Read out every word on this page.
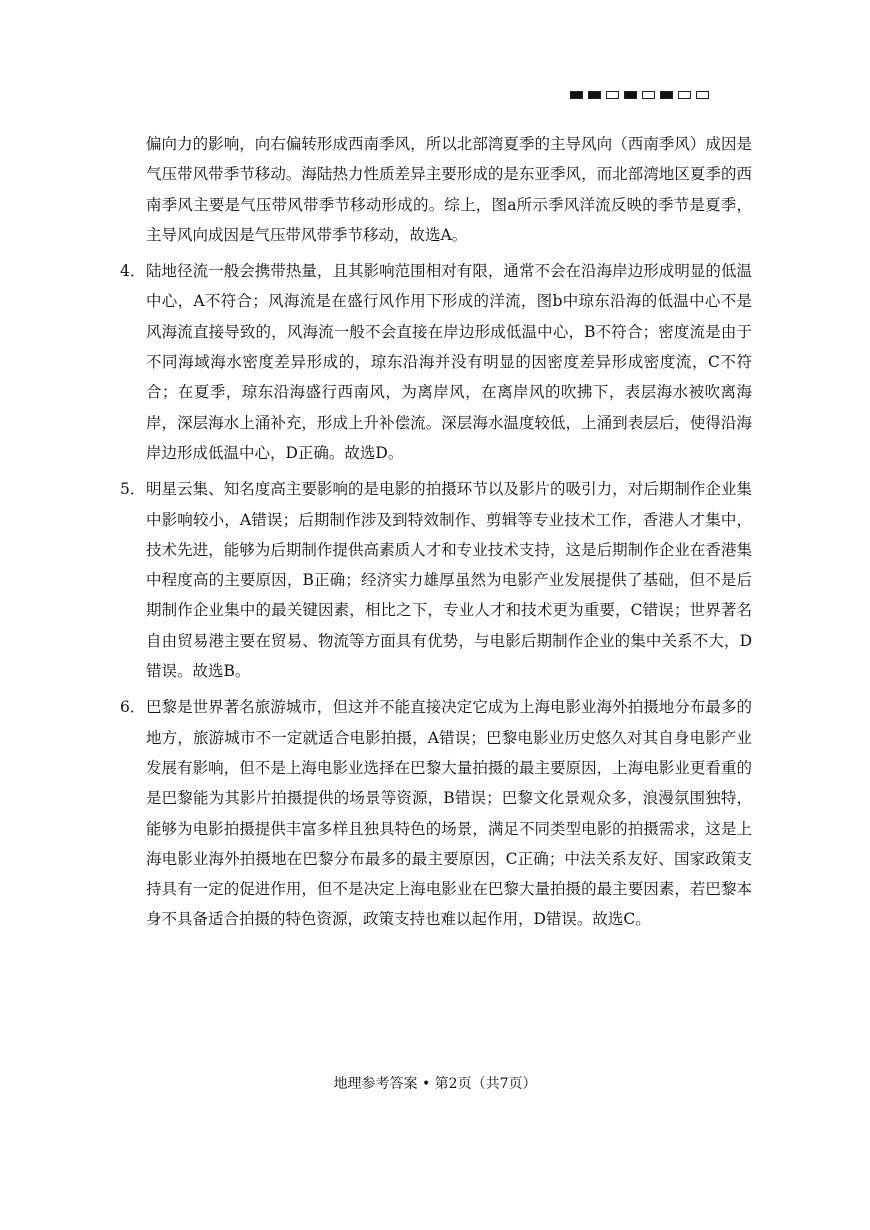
偏向力的影响，向右偏转形成西南季风，所以北部湾夏季的主导风向（西南季风）成因是气压带风带季节移动。海陆热力性质差异主要形成的是东亚季风，而北部湾地区夏季的西南季风主要是气压带风带季节移动形成的。综上，图a所示季风洋流反映的季节是夏季，主导风向成因是气压带风带季节移动，故选A。
4． 陆地径流一般会携带热量，且其影响范围相对有限，通常不会在沿海岸边形成明显的低温中心，A不符合；风海流是在盛行风作用下形成的洋流，图b中琼东沿海的低温中心不是风海流直接导致的，风海流一般不会直接在岸边形成低温中心，B不符合；密度流是由于不同海域海水密度差异形成的，琼东沿海并没有明显的因密度差异形成密度流，C不符合；在夏季，琼东沿海盛行西南风，为离岸风，在离岸风的吹拂下，表层海水被吹离海岸，深层海水上涌补充，形成上升补偿流。深层海水温度较低，上涌到表层后，使得沿海岸边形成低温中心，D正确。故选D。
5． 明星云集、知名度高主要影响的是电影的拍摄环节以及影片的吸引力，对后期制作企业集中影响较小，A错误；后期制作涉及到特效制作、剪辑等专业技术工作，香港人才集中，技术先进，能够为后期制作提供高素质人才和专业技术支持，这是后期制作企业在香港集中程度高的主要原因，B正确；经济实力雄厚虽然为电影产业发展提供了基础，但不是后期制作企业集中的最关键因素，相比之下，专业人才和技术更为重要，C错误；世界著名自由贸易港主要在贸易、物流等方面具有优势，与电影后期制作企业的集中关系不大，D错误。故选B。
6． 巴黎是世界著名旅游城市，但这并不能直接决定它成为上海电影业海外拍摄地分布最多的地方，旅游城市不一定就适合电影拍摄，A错误；巴黎电影业历史悠久对其自身电影产业发展有影响，但不是上海电影业选择在巴黎大量拍摄的最主要原因，上海电影业更看重的是巴黎能为其影片拍摄提供的场景等资源，B错误；巴黎文化景观众多，浪漫氛围独特，能够为电影拍摄提供丰富多样且独具特色的场景，满足不同类型电影的拍摄需求，这是上海电影业海外拍摄地在巴黎分布最多的最主要原因，C正确；中法关系友好、国家政策支持具有一定的促进作用，但不是决定上海电影业在巴黎大量拍摄的最主要因素，若巴黎本身不具备适合拍摄的特色资源，政策支持也难以起作用，D错误。故选C。
地理参考答案 • 第2页（共7页）
